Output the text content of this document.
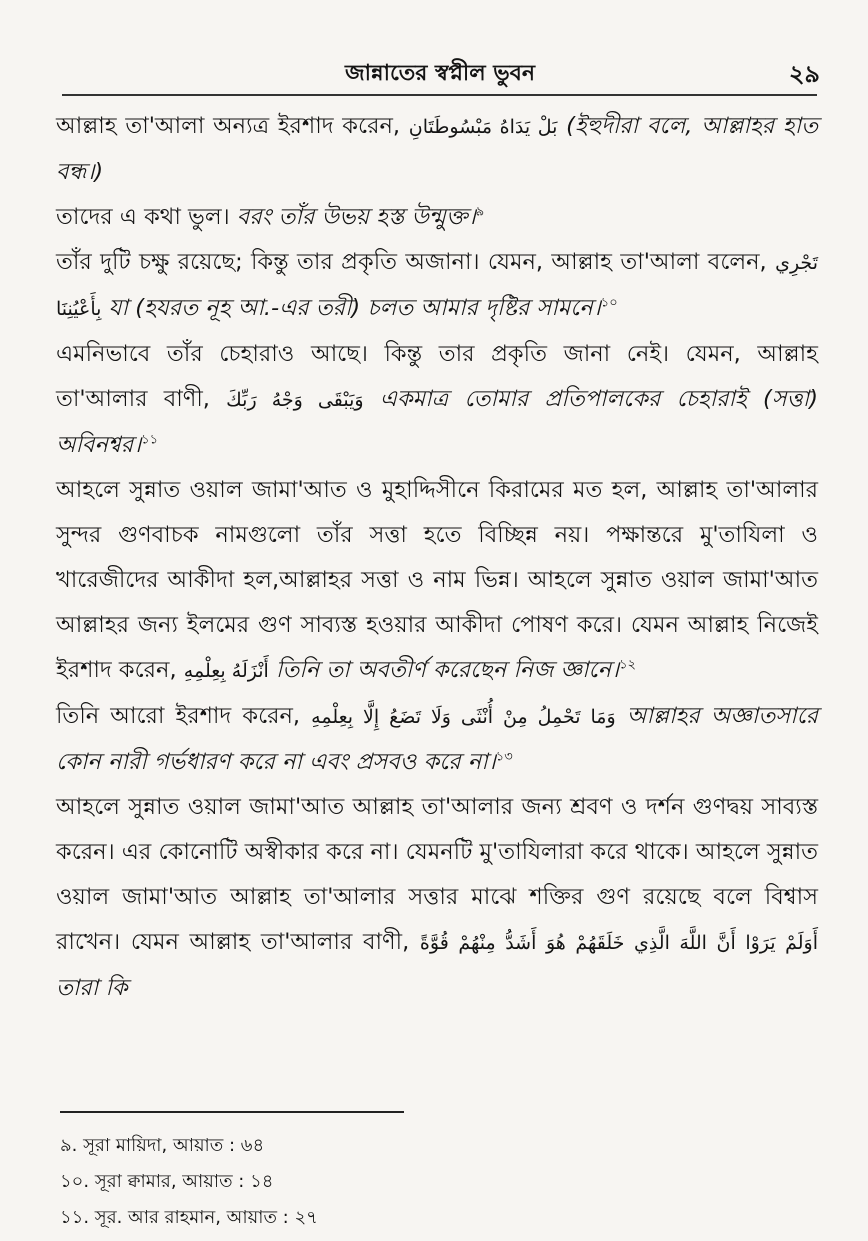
জান্নাতের স্বপ্নীল ভুবন	২৯

আল্লাহ তা'আলা অন্যত্র ইরশাদ করেন, بَلْ يَدَاهُ مَبْسُوطَتَانِ (ইহুদীরা বলে, আল্লাহর হাত বন্ধ।)

তাদের এ কথা ভুল। বরং তাঁর উভয় হস্ত উন্মুক্ত।$^৯$

তাঁর দুটি চক্ষু রয়েছে; কিন্তু তার প্রকৃতি অজানা। যেমন, আল্লাহ তা'আলা বলেন, تَجْرِي بِأَعْيُنِنَا যা (হযরত নূহ আ.-এর তরী) চলত আমার দৃষ্টির সামনে।$^{১০}$

এমনিভাবে তাঁর চেহারাও আছে। কিন্তু তার প্রকৃতি জানা নেই। যেমন, আল্লাহ তা'আলার বাণী, وَيَبْقَى وَجْهُ رَبِّكَ একমাত্র তোমার প্রতিপালকের চেহারাই (সত্তা) অবিনশ্বর।$^{১১}$

আহলে সুন্নাত ওয়াল জামা'আত ও মুহাদ্দিসীনে কিরামের মত হল, আল্লাহ তা'আলার সুন্দর গুণবাচক নামগুলো তাঁর সত্তা হতে বিচ্ছিন্ন নয়। পক্ষান্তরে মু'তাযিলা ও খারেজীদের আকীদা হল,আল্লাহর সত্তা ও নাম ভিন্ন। আহলে সুন্নাত ওয়াল জামা'আত আল্লাহর জন্য ইলমের গুণ সাব্যস্ত হওয়ার আকীদা পোষণ করে। যেমন আল্লাহ নিজেই ইরশাদ করেন, أَنْزَلَهُ بِعِلْمِهِ তিনি তা অবতীর্ণ করেছেন নিজ জ্ঞানে।$^{১২}$

তিনি আরো ইরশাদ করেন, وَمَا تَحْمِلُ مِنْ أُنْثَى وَلَا تَضَعُ إِلَّا بِعِلْمِهِ আল্লাহর অজ্ঞাতসারে কোন নারী গর্ভধারণ করে না এবং প্রসবও করে না।$^{১৩}$

আহলে সুন্নাত ওয়াল জামা'আত আল্লাহ তা'আলার জন্য শ্রবণ ও দর্শন গুণদ্বয় সাব্যস্ত করেন। এর কোনোটি অস্বীকার করে না। যেমনটি মু'তাযিলারা করে থাকে। আহলে সুন্নাত ওয়াল জামা'আত আল্লাহ তা'আলার সত্তার মাঝে শক্তির গুণ রয়েছে বলে বিশ্বাস রাখেন। যেমন আল্লাহ তা'আলার বাণী, أَوَلَمْ يَرَوْا أَنَّ اللَّهَ الَّذِي خَلَقَهُمْ هُوَ أَشَدُّ مِنْهُمْ قُوَّةً তারা কি

৯. সূরা মায়িদা, আয়াত : ৬৪
১০. সূরা ক্বামার, আয়াত : ১৪
১১. সূর. আর রাহমান, আয়াত : ২৭
